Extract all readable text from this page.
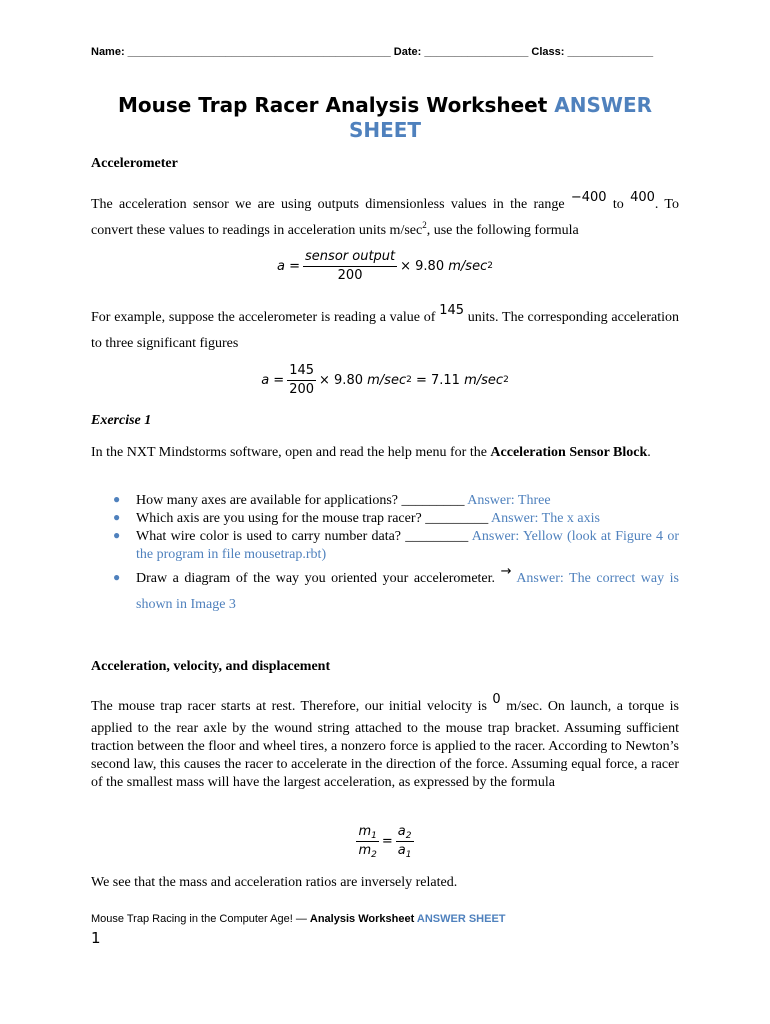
Name: ___________________________________________ Date: _________________ Class: ______________
Mouse Trap Racer Analysis Worksheet ANSWER SHEET
Accelerometer
The acceleration sensor we are using outputs dimensionless values in the range −400 to 400. To convert these values to readings in acceleration units $m/\sec^2$, use the following formula
$a = \frac{\text{sensor output}}{200} \times 9.80$
m/sec 2
For example, suppose the accelerometer is reading a value of 145 units. The corresponding acceleration to three significant figures
$a = \frac{145}{200} \times 9.80$
m/sec 2
= 7.11
m/sec 2
Exercise 1
In the NXT Mindstorms software, open and read the help menu for the Acceleration Sensor Block.
● How many axes are available for applications? _________ Answer: Three
● Which axis are you using for the mouse trap racer? _________ Answer: The x axis
● What wire color is used to carry number data? _________ Answer: Yellow (look at Figure 4 or the program in file mousetrap.rbt)
● Draw a diagram of the way you oriented your accelerometer. → Answer: The correct way is shown in Image 3
Acceleration, velocity, and displacement
The mouse trap racer starts at rest. Therefore, our initial velocity is 0 m/sec. On launch, a torque is applied to the rear axle by the wound string attached to the mouse trap bracket. Assuming sufficient traction between the floor and wheel tires, a nonzero force is applied to the racer. According to Newton’s second law, this causes the racer to accelerate in the direction of the force. Assuming equal force, a racer of the smallest mass will have the largest acceleration, as expressed by the formula
$\frac{m_1}{m_2} = \frac{a_2}{a_1}$
We see that the mass and acceleration ratios are inversely related.
Mouse Trap Racing in the Computer Age! — Analysis Worksheet ANSWER SHEET
1
